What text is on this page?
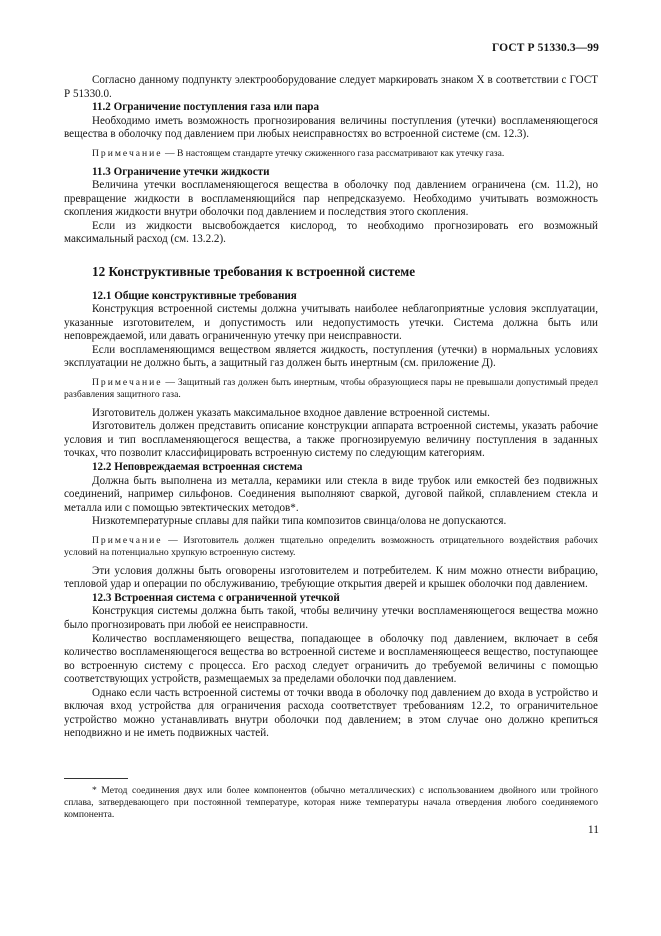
ГОСТ Р 51330.3—99

Согласно данному подпункту электрооборудование следует маркировать знаком X в соответствии с ГОСТ Р 51330.0.

11.2 Ограничение поступления газа или пара

Необходимо иметь возможность прогнозирования величины поступления (утечки) воспламеняющегося вещества в оболочку под давлением при любых неисправностях во встроенной системе (см. 12.3).

Примечание — В настоящем стандарте утечку сжиженного газа рассматривают как утечку газа.

11.3 Ограничение утечки жидкости

Величина утечки воспламеняющегося вещества в оболочку под давлением ограничена (см. 11.2), но превращение жидкости в воспламеняющийся пар непредсказуемо. Необходимо учитывать возможность скопления жидкости внутри оболочки под давлением и последствия этого скопления.

Если из жидкости высвобождается кислород, то необходимо прогнозировать его возможный максимальный расход (см. 13.2.2).

12 Конструктивные требования к встроенной системе

12.1 Общие конструктивные требования

Конструкция встроенной системы должна учитывать наиболее неблагоприятные условия эксплуатации, указанные изготовителем, и допустимость или недопустимость утечки. Система должна быть или неповреждаемой, или давать ограниченную утечку при неисправности.

Если воспламеняющимся веществом является жидкость, поступления (утечки) в нормальных условиях эксплуатации не должно быть, а защитный газ должен быть инертным (см. приложение Д).

Примечание — Защитный газ должен быть инертным, чтобы образующиеся пары не превышали допустимый предел разбавления защитного газа.

Изготовитель должен указать максимальное входное давление встроенной системы.

Изготовитель должен представить описание конструкции аппарата встроенной системы, указать рабочие условия и тип воспламеняющегося вещества, а также прогнозируемую величину поступления в заданных точках, что позволит классифицировать встроенную систему по следующим категориям.

12.2 Неповреждаемая встроенная система

Должна быть выполнена из металла, керамики или стекла в виде трубок или емкостей без подвижных соединений, например сильфонов. Соединения выполняют сваркой, дуговой пайкой, сплавлением стекла и металла или с помощью эвтектических методов*.

Низкотемпературные сплавы для пайки типа композитов свинца/олова не допускаются.

Примечание — Изготовитель должен тщательно определить возможность отрицательного воздействия рабочих условий на потенциально хрупкую встроенную систему.

Эти условия должны быть оговорены изготовителем и потребителем. К ним можно отнести вибрацию, тепловой удар и операции по обслуживанию, требующие открытия дверей и крышек оболочки под давлением.

12.3 Встроенная система с ограниченной утечкой

Конструкция системы должна быть такой, чтобы величину утечки воспламеняющегося вещества можно было прогнозировать при любой ее неисправности.

Количество воспламеняющего вещества, попадающее в оболочку под давлением, включает в себя количество воспламеняющегося вещества во встроенной системе и воспламеняющееся вещество, поступающее во встроенную систему с процесса. Его расход следует ограничить до требуемой величины с помощью соответствующих устройств, размещаемых за пределами оболочки под давлением.

Однако если часть встроенной системы от точки ввода в оболочку под давлением до входа в устройство и включая вход устройства для ограничения расхода соответствует требованиям 12.2, то ограничительное устройство можно устанавливать внутри оболочки под давлением; в этом случае оно должно крепиться неподвижно и не иметь подвижных частей.

* Метод соединения двух или более компонентов (обычно металлических) с использованием двойного или тройного сплава, затвердевающего при постоянной температуре, которая ниже температуры начала отвердения любого соединяемого компонента.
11
